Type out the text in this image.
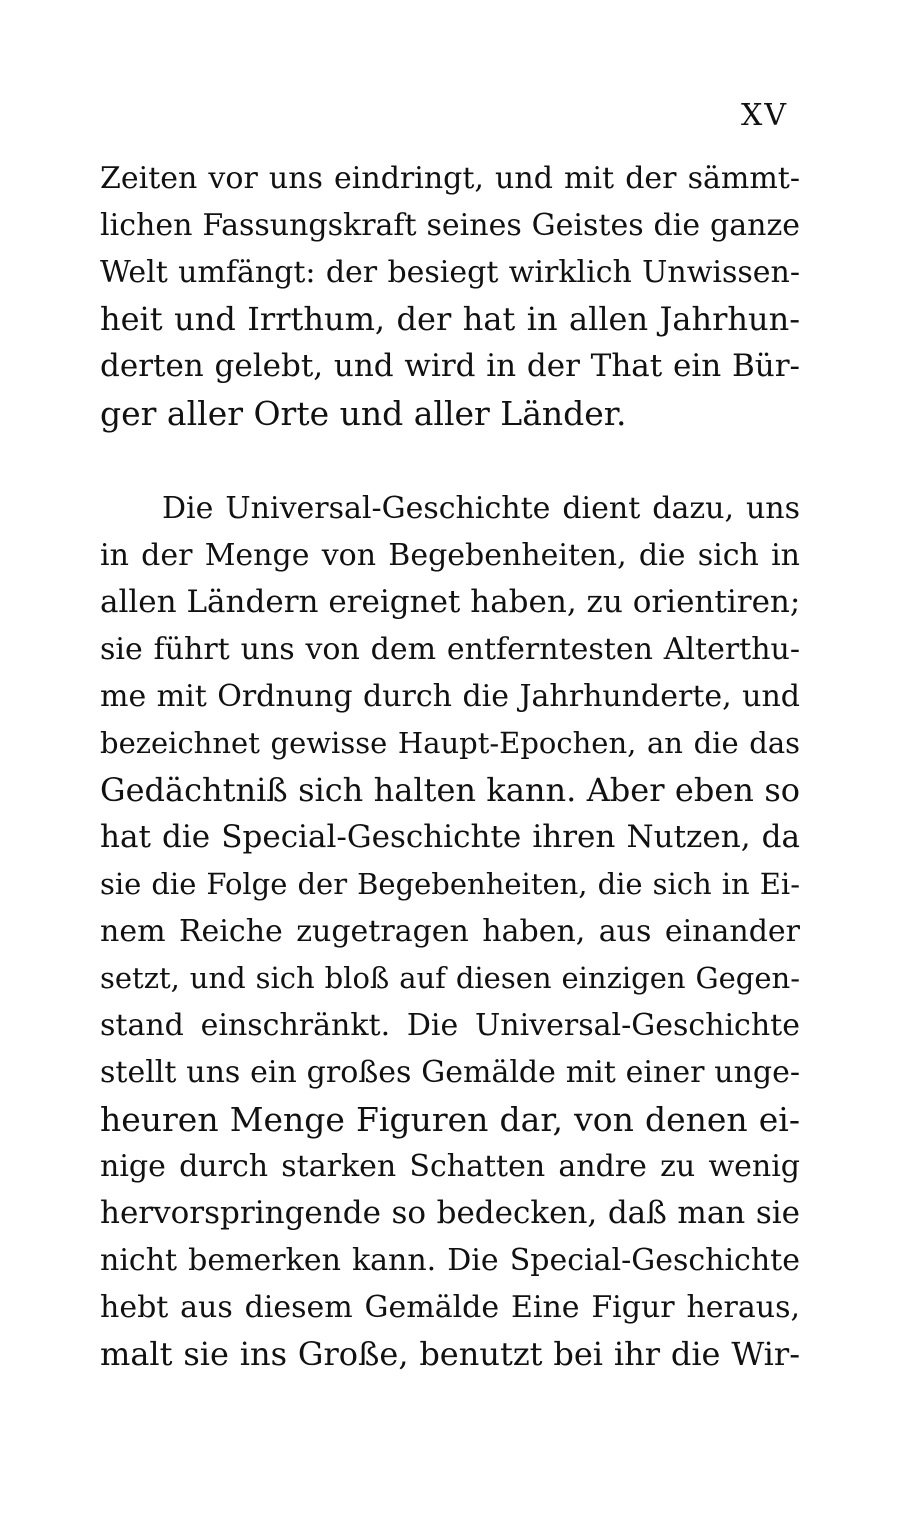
XV
Zeiten vor uns eindringt, und mit der sämmt-
lichen Fassungskraft seines Geistes die ganze
Welt umfängt: der besiegt wirklich Unwissen-
heit und Irrthum, der hat in allen Jahrhun-
derten gelebt, und wird in der That ein Bür-
ger aller Orte und aller Länder.
Die Universal-Geschichte dient dazu, uns
in der Menge von Begebenheiten, die sich in
allen Ländern ereignet haben, zu orientiren;
sie führt uns von dem entferntesten Alterthu-
me mit Ordnung durch die Jahrhunderte, und
bezeichnet gewisse Haupt-Epochen, an die das
Gedächtniß sich halten kann. Aber eben so
hat die Special-Geschichte ihren Nutzen, da
sie die Folge der Begebenheiten, die sich in Ei-
nem Reiche zugetragen haben, aus einander
setzt, und sich bloß auf diesen einzigen Gegen-
stand einschränkt. Die Universal-Geschichte
stellt uns ein großes Gemälde mit einer unge-
heuren Menge Figuren dar, von denen ei-
nige durch starken Schatten andre zu wenig
hervorspringende so bedecken, daß man sie
nicht bemerken kann. Die Special-Geschichte
hebt aus diesem Gemälde Eine Figur heraus,
malt sie ins Große, benutzt bei ihr die Wir-
